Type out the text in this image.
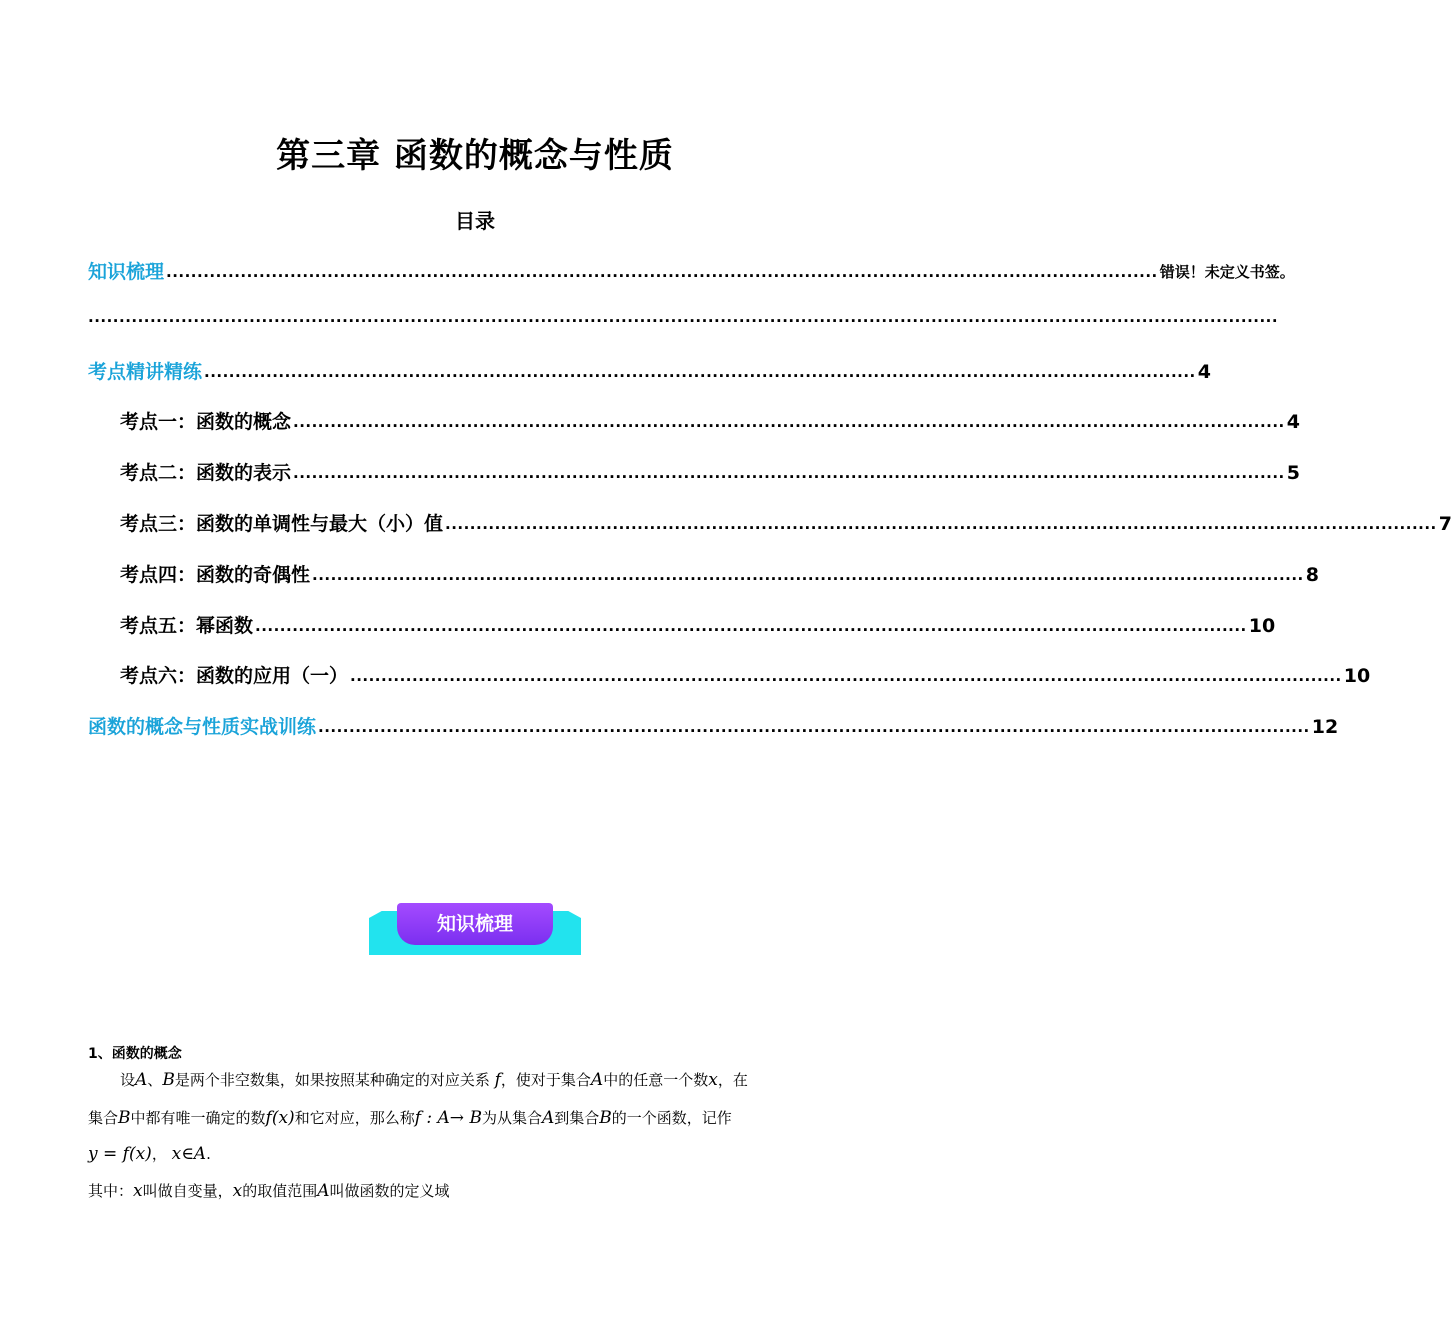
第三章 函数的概念与性质
目录
知识梳理 ................................................................................................................................................................ 错误！未定义书签。
................................................................................................................................................................................................
考点精讲精练 ................................................................................................................................................................ 4
考点一：函数的概念 ................................................................................................................................................................ 4
考点二：函数的表示 ................................................................................................................................................................ 5
考点三：函数的单调性与最大（小）值 ................................................................................................................................................................ 7
考点四：函数的奇偶性 ................................................................................................................................................................ 8
考点五：幂函数 ................................................................................................................................................................ 10
考点六：函数的应用（一） ................................................................................................................................................................ 10
函数的概念与性质实战训练 ................................................................................................................................................................ 12
知识梳理
1、函数的概念
设A、B是两个非空数集，如果按照某种确定的对应关系 f，使对于集合A中的任意一个数x，在
集合B中都有唯一确定的数f(x)和它对应，那么称f : A→ B为从集合A到集合B的一个函数，记作
y = f(x)， x∈A.
其中：x叫做自变量，x的取值范围A叫做函数的定义域
